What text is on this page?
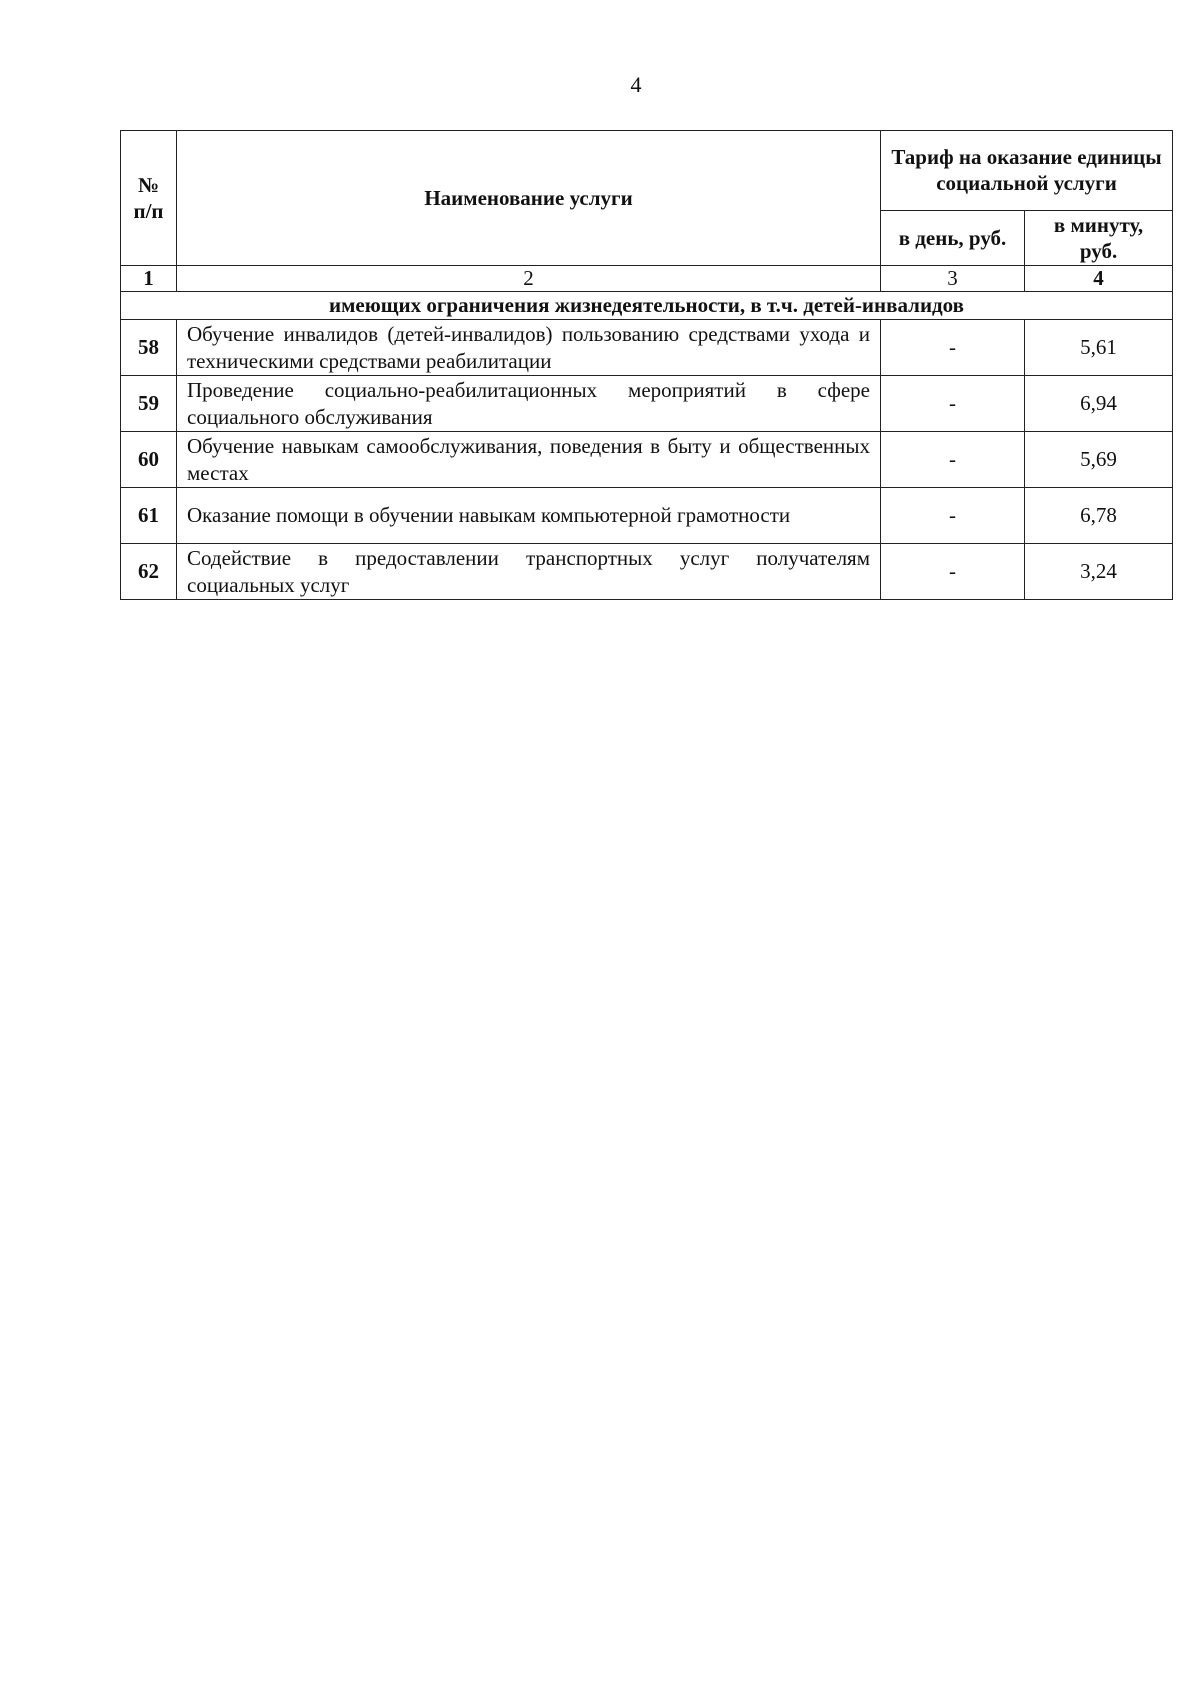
4
№ п/п	Наименование услуги	Тариф на оказание единицы социальной услуги	
		в день, руб.	в минуту, руб.
1	2	3	4
имеющих ограничения жизнедеятельности, в т.ч. детей-инвалидов			
58	Обучение инвалидов (детей-инвалидов) пользованию средствами ухода и техническими средствами реабилитации	-	5,61
59	Проведение социально-реабилитационных мероприятий в сфере социального обслуживания	-	6,94
60	Обучение навыкам самообслуживания, поведения в быту и общественных местах	-	5,69
61	Оказание помощи в обучении навыкам компьютерной грамотности	-	6,78
62	Содействие в предоставлении транспортных услуг получателям социальных услуг	-	3,24
